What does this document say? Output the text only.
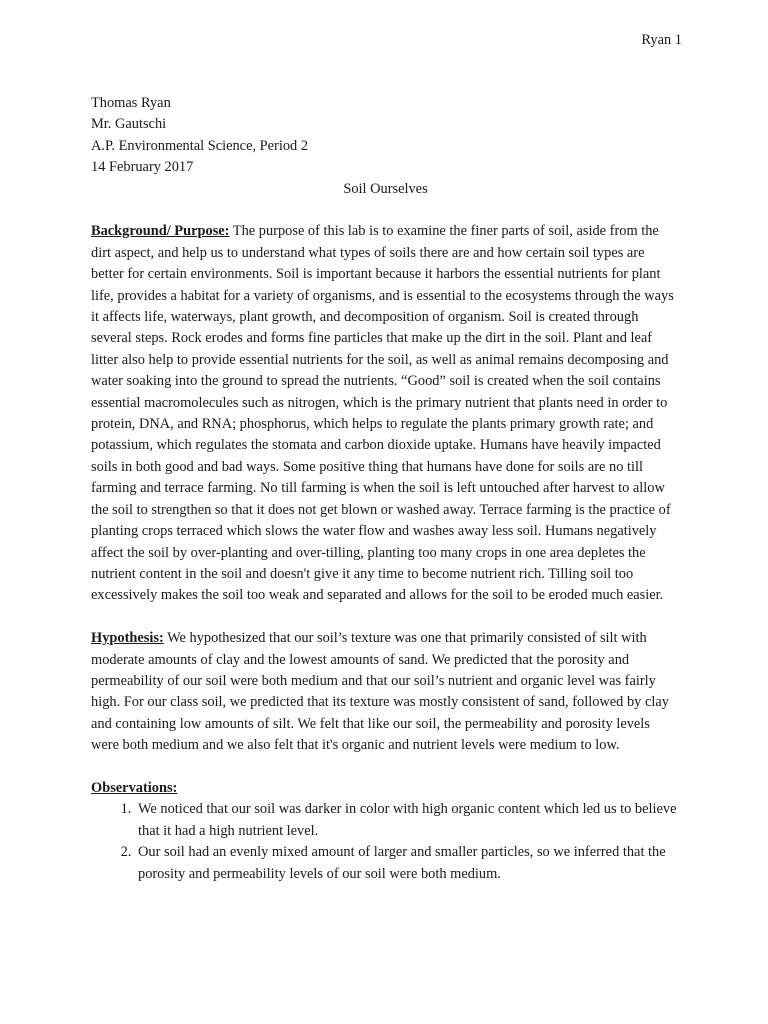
Ryan 1
Thomas Ryan
Mr. Gautschi
A.P. Environmental Science, Period 2
14 February 2017
Soil Ourselves

Background/ Purpose: The purpose of this lab is to examine the finer parts of soil, aside from the dirt aspect, and help us to understand what types of soils there are and how certain soil types are better for certain environments. Soil is important because it harbors the essential nutrients for plant life, provides a habitat for a variety of organisms, and is essential to the ecosystems through the ways it affects life, waterways, plant growth, and decomposition of organism. Soil is created through several steps. Rock erodes and forms fine particles that make up the dirt in the soil. Plant and leaf litter also help to provide essential nutrients for the soil, as well as animal remains decomposing and water soaking into the ground to spread the nutrients. “Good” soil is created when the soil contains essential macromolecules such as nitrogen, which is the primary nutrient that plants need in order to protein, DNA, and RNA; phosphorus, which helps to regulate the plants primary growth rate; and potassium, which regulates the stomata and carbon dioxide uptake. Humans have heavily impacted soils in both good and bad ways. Some positive thing that humans have done for soils are no till farming and terrace farming. No till farming is when the soil is left untouched after harvest to allow the soil to strengthen so that it does not get blown or washed away. Terrace farming is the practice of planting crops terraced which slows the water flow and washes away less soil. Humans negatively affect the soil by over-planting and over-tilling, planting too many crops in one area depletes the nutrient content in the soil and doesn't give it any time to become nutrient rich. Tilling soil too excessively makes the soil too weak and separated and allows for the soil to be eroded much easier.

Hypothesis: We hypothesized that our soil’s texture was one that primarily consisted of silt with moderate amounts of clay and the lowest amounts of sand. We predicted that the porosity and permeability of our soil were both medium and that our soil’s nutrient and organic level was fairly high. For our class soil, we predicted that its texture was mostly consistent of sand, followed by clay and containing low amounts of silt. We felt that like our soil, the permeability and porosity levels were both medium and we also felt that it's organic and nutrient levels were medium to low.

Observations:
1. We noticed that our soil was darker in color with high organic content which led us to believe that it had a high nutrient level.
2. Our soil had an evenly mixed amount of larger and smaller particles, so we inferred that the porosity and permeability levels of our soil were both medium.
